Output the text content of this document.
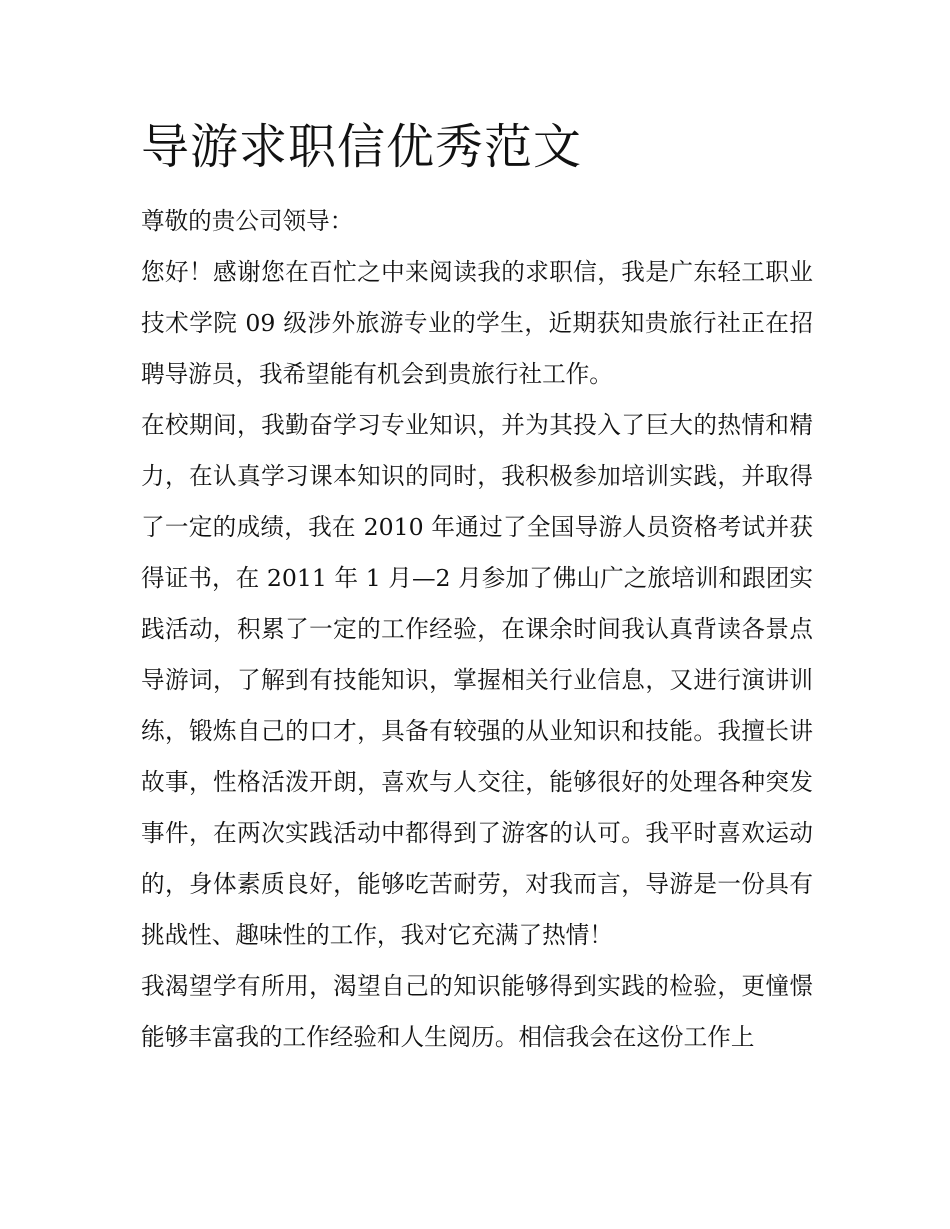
导游求职信优秀范文

尊敬的贵公司领导：

您好！感谢您在百忙之中来阅读我的求职信，我是广东轻工职业技术学院 09 级涉外旅游专业的学生，近期获知贵旅行社正在招聘导游员，我希望能有机会到贵旅行社工作。

在校期间，我勤奋学习专业知识，并为其投入了巨大的热情和精力，在认真学习课本知识的同时，我积极参加培训实践，并取得了一定的成绩，我在 2010 年通过了全国导游人员资格考试并获得证书，在 2011 年 1 月—2 月参加了佛山广之旅培训和跟团实践活动，积累了一定的工作经验，在课余时间我认真背读各景点导游词，了解到有技能知识，掌握相关行业信息，又进行演讲训练，锻炼自己的口才，具备有较强的从业知识和技能。我擅长讲故事，性格活泼开朗，喜欢与人交往，能够很好的处理各种突发事件，在两次实践活动中都得到了游客的认可。我平时喜欢运动的，身体素质良好，能够吃苦耐劳，对我而言，导游是一份具有挑战性、趣味性的工作，我对它充满了热情！

我渴望学有所用，渴望自己的知识能够得到实践的检验，更憧憬能够丰富我的工作经验和人生阅历。相信我会在这份工作上
